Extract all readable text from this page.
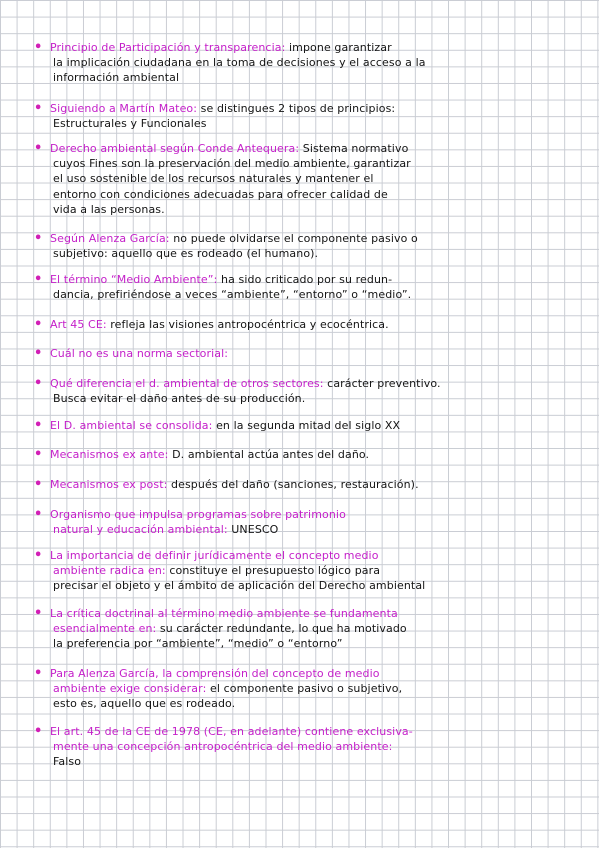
• Principio de Participación y transparencia: impone garantizar
la implicación ciudadana en la toma de decisiones y el acceso a la
información ambiental
• Siguiendo a Martín Mateo: se distingues 2 tipos de principios:
Estructurales y Funcionales
• Derecho ambiental según Conde Antequera: Sistema normativo
cuyos Fines son la preservación del medio ambiente, garantizar
el uso sostenible de los recursos naturales y mantener el
entorno con condiciones adecuadas para ofrecer calidad de
vida a las personas.
• Según Alenza García: no puede olvidarse el componente pasivo o
subjetivo: aquello que es rodeado (el humano).
• El término “Medio Ambiente”: ha sido criticado por su redun-
dancia, prefiriéndose a veces “ambiente”, “entorno” o “medio”.
• Art 45 CE: refleja las visiones antropocéntrica y ecocéntrica.
• Cuál no es una norma sectorial:
• Qué diferencia el d. ambiental de otros sectores: carácter preventivo.
Busca evitar el daño antes de su producción.
• El D. ambiental se consolida: en la segunda mitad del siglo XX
• Mecanismos ex ante: D. ambiental actúa antes del daño.
• Mecanismos ex post: después del daño (sanciones, restauración).
• Organismo que impulsa programas sobre patrimonio
natural y educación ambiental: UNESCO
• La importancia de definir jurídicamente el concepto medio
ambiente radica en: constituye el presupuesto lógico para
precisar el objeto y el ámbito de aplicación del Derecho ambiental
• La crítica doctrinal al término medio ambiente se fundamenta
esencialmente en: su carácter redundante, lo que ha motivado
la preferencia por “ambiente”, “medio” o “entorno”
• Para Alenza García, la comprensión del concepto de medio
ambiente exige considerar: el componente pasivo o subjetivo,
esto es, aquello que es rodeado.
• El art. 45 de la CE de 1978 (CE, en adelante) contiene exclusiva-
mente una concepción antropocéntrica del medio ambiente:
Falso
